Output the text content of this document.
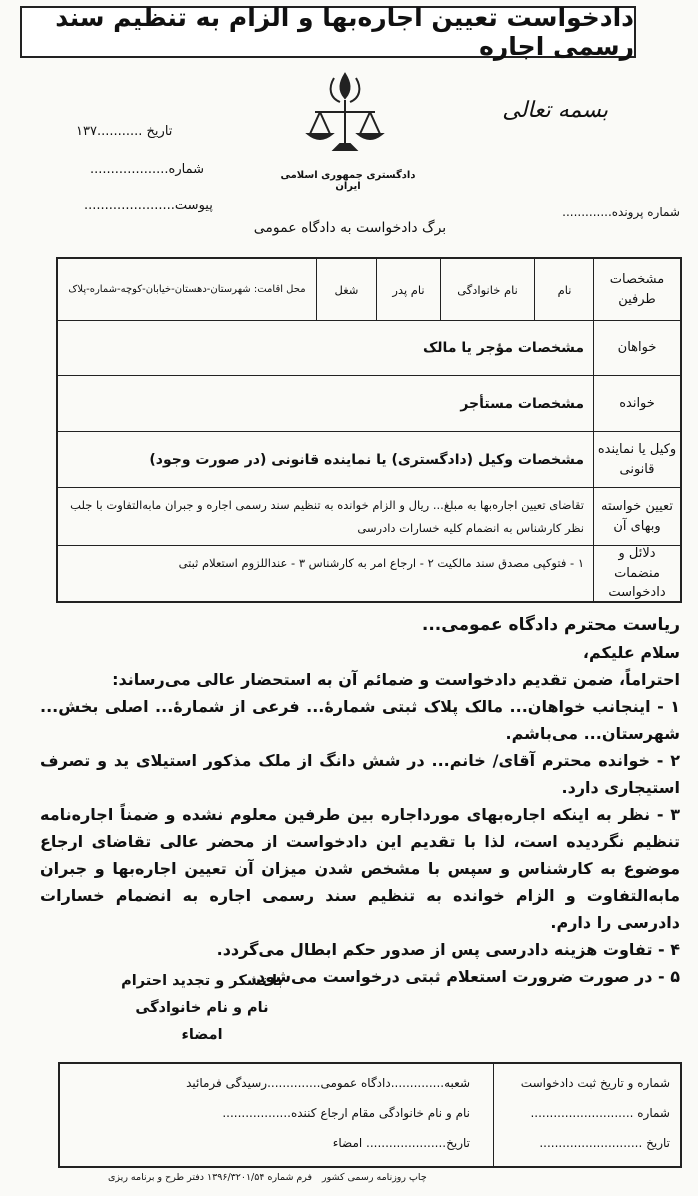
دادخواست تعیین اجاره‌بها و الزام به تنظیم سند رسمی اجاره
تاریخ ...........۱۳۷
شماره...................
پیوست......................
دادگستری جمهوری اسلامی ایران
بسمه تعالی
شماره پرونده.............
برگ دادخواست به دادگاه عمومی
مشخصات طرفین
نام
نام خانوادگی
نام پدر
شغل
محل اقامت: شهرستان-دهستان-خیابان-کوچه-شماره-پلاک
خواهان
مشخصات مؤجر یا مالک
خوانده
مشخصات مستأجر
وکیل یا نماینده قانونی
مشخصات وکیل (دادگستری) یا نماینده قانونی (در صورت وجود)
تعیین خواسته وبهای آن
تقاضای تعیین اجاره‌بها به مبلغ... ریال و الزام خوانده به تنظیم سند رسمی اجاره و جبران مابه‌التفاوت با جلب نظر کارشناس به انضمام کلیه خسارات دادرسی
دلائل و منضمات دادخواست
۱ - فتوکپی مصدق سند مالکیت ۲ - ارجاع امر به کارشناس ۳ - عنداللزوم استعلام ثبتی

ریاست محترم دادگاه عمومی...

سلام علیکم،

احتراماً، ضمن تقدیم دادخواست و ضمائم آن به استحضار عالی می‌رساند:

۱ - اینجانب خواهان... مالک پلاک ثبتی شمارهٔ... فرعی از شمارهٔ... اصلی بخش... شهرستان... می‌باشم.

۲ - خوانده محترم آقای/ خانم... در شش دانگ از ملک مذکور استیلای ید و تصرف استیجاری دارد.

۳ - نظر به اینکه اجاره‌بهای مورداجاره بین طرفین معلوم نشده و ضمناً اجاره‌نامه تنظیم نگردیده است، لذا با تقدیم این دادخواست از محضر عالی تقاضای ارجاع موضوع به کارشناس و سپس با مشخص شدن میزان آن تعیین اجاره‌بها و جبران مابه‌التفاوت و الزام خوانده به تنظیم سند رسمی اجاره به انضمام خسارات دادرسی را دارم.

۴ - تفاوت هزینه دادرسی پس از صدور حکم ابطال می‌گردد.

۵ - در صورت ضرورت استعلام ثبتی درخواست می‌شود.

با تشکر و تجدید احترام
نام و نام خانوادگی
امضاء
شماره و تاریخ ثبت دادخواست
شماره ...........................
تاریخ ...........................
شعبه..............دادگاه عمومی..............رسیدگی فرمائید
نام و نام خانوادگی مقام ارجاع کننده..................
تاریخ..................... امضاء
فرم شماره ۱۳۹۶/۳۲۰۱/۵۴ دفتر طرح و برنامه ریزی چاپ روزنامه رسمی کشور
